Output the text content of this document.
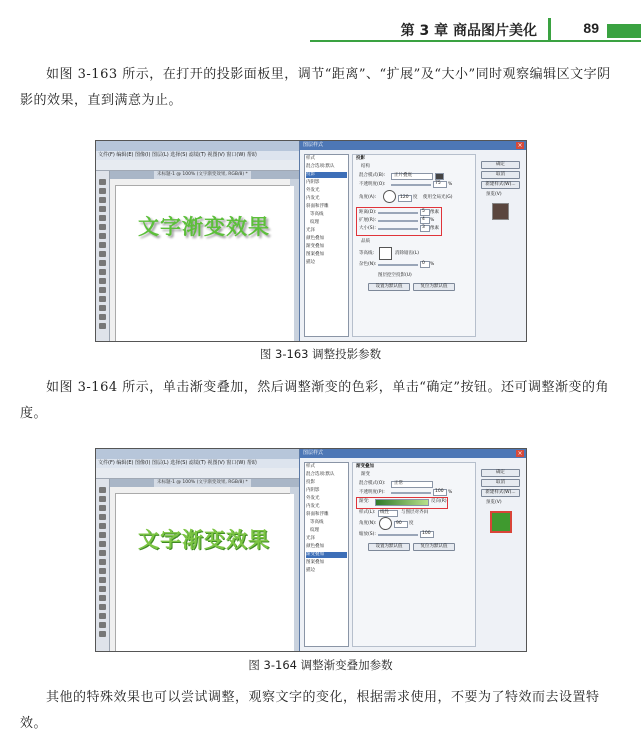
第 3 章 商品图片美化	89
如图 3-163 所示，在打开的投影面板里，调节“距离”、“扩展”及“大小”同时观察编辑区文字阴影的效果，直到满意为止。
文件(F) 编辑(E) 图像(I) 图层(L) 选择(S) 滤镜(T) 视图(V) 窗口(W) 帮助
未标题-1 @ 100% (文字渐变效果, RGB/8) *
文字渐变效果
图层样式	×
样式
混合选项:默认
投影
内阴影
外发光
内发光
斜面和浮雕
等高线
纹理
光泽
颜色叠加
渐变叠加
图案叠加
描边
投影
结构
混合模式(B): 正片叠底
不透明度(O):	75 %
角度(A):	120 度 使用全局光(G)
距离(D):	5 像素
扩展(R):	4 %
大小(S):	3 像素
品质
等高线:	消除锯齿(L)
杂色(N):	0 %
图层挖空投影(U)
设置为默认值	复位为默认值
确定
取消
新建样式(W)...
预览(V)
图 3-163 调整投影参数
如图 3-164 所示，单击渐变叠加，然后调整渐变的色彩，单击“确定”按钮。还可调整渐变的角度。
文件(F) 编辑(E) 图像(I) 图层(L) 选择(S) 滤镜(T) 视图(V) 窗口(W) 帮助
未标题-1 @ 100% (文字渐变效果, RGB/8) *
文字渐变效果
图层样式	×
样式
混合选项:默认
投影
内阴影
外发光
内发光
斜面和浮雕
等高线
纹理
光泽
颜色叠加
渐变叠加
图案叠加
描边
渐变叠加
渐变
混合模式(O): 正常
不透明度(P):	100 %
渐变:	反向(R)
样式(L): 线性	与图层对齐(I)
角度(N):	90 度
缩放(S):	100
设置为默认值	复位为默认值
确定
取消
新建样式(W)...
预览(V)
图 3-164 调整渐变叠加参数
其他的特殊效果也可以尝试调整，观察文字的变化，根据需求使用，不要为了特效而去设置特效。
